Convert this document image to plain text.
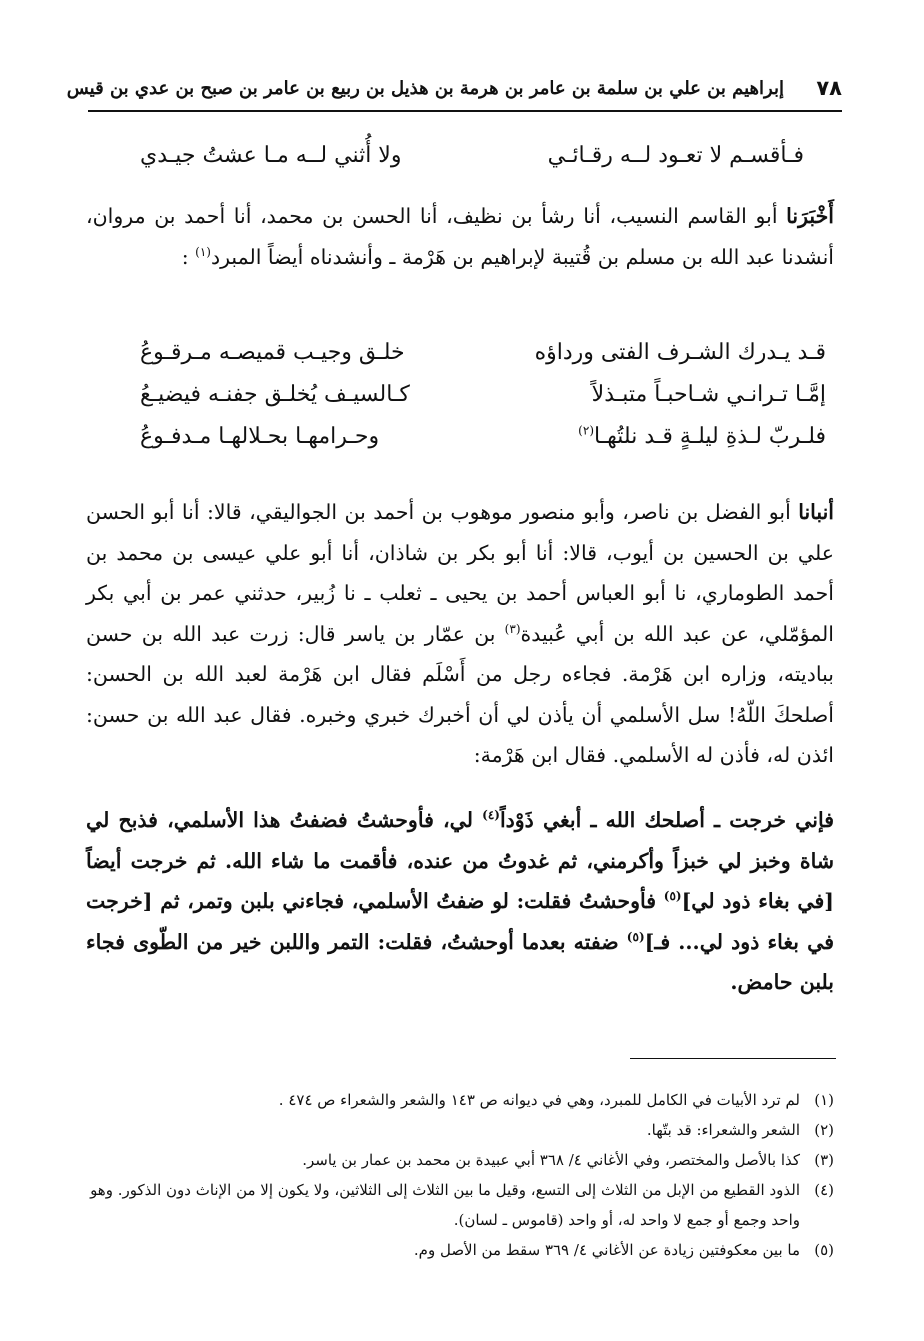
٧٨
إبراهيم بن علي بن سلمة بن عامر بن هرمة بن هذيل بن ربيع بن عامر بن صبح بن عدي بن قيس
فـأقسـم لا تعـود لــه رقـائـي
ولا أُثني لــه مـا عشتُ جيـدي
أَخْبَرَنا أبو القاسم النسيب، أنا رشأ بن نظيف، أنا الحسن بن محمد، أنا أحمد بن مروان، أنشدنا عبد الله بن مسلم بن قُتيبة لإبراهيم بن هَرْمة ـ وأنشدناه أيضاً المبرد$^{(١)}$ :
قـد يـدرك الشـرف الفتى ورداؤه
خلـق وجيـب قميصـه مـرقـوعُ
إمَّـا تـرانـي شـاحبـاً متبـذلاً
كـالسيـف يُخلـق جفنـه فيضيـعُ
فلـربّ لـذةِ ليلـةٍ قـد نلتُهـا$^{(٢)}$
وحـرامهـا بحـلالهـا مـدفـوعُ
أنبانا أبو الفضل بن ناصر، وأبو منصور موهوب بن أحمد بن الجواليقي، قالا: أنا أبو الحسن علي بن الحسين بن أيوب، قالا: أنا أبو بكر بن شاذان، أنا أبو علي عيسى بن محمد بن أحمد الطوماري، نا أبو العباس أحمد بن يحيى ـ ثعلب ـ نا زُبير، حدثني عمر بن أبي بكر المؤمّلي، عن عبد الله بن أبي عُبيدة$^{(٣)}$ بن عمّار بن ياسر قال: زرت عبد الله بن حسن ببادیته، وزاره ابن هَرْمة. فجاءه رجل من أَسْلَم فقال ابن هَرْمة لعبد الله بن الحسن: أصلحكَ اللّهُ! سل الأسلمي أن يأذن لي أن أخبرك خبري وخبره. فقال عبد الله بن حسن: ائذن له، فأذن له الأسلمي. فقال ابن هَرْمة:
فإني خرجت ـ أصلحك الله ـ أبغي ذَوْداً$^{(٤)}$ لي، فأوحشتُ فضفتُ هذا الأسلمي، فذبح لي شاة وخبز لي خبزاً وأكرمني، ثم غدوتُ من عنده، فأقمت ما شاء الله. ثم خرجت أيضاً [في بغاء ذود لي]$^{(٥)}$ فأوحشتُ فقلت: لو ضفتُ الأسلمي، فجاءني بلبن وتمر، ثم [خرجت في بغاء ذود لي... فـ]$^{(٥)}$ ضفته بعدما أوحشتُ، فقلت: التمر واللبن خير من الطّوى فجاء بلبن حامض.
(١)
لم ترد الأبيات في الكامل للمبرد، وهي في ديوانه ص ١٤٣ والشعر والشعراء ص ٤٧٤ .
(٢)
الشعر والشعراء: قد بتّها.
(٣)
كذا بالأصل والمختصر، وفي الأغاني ٤/ ٣٦٨ أبي عبيدة بن محمد بن عمار بن ياسر.
(٤)
الذود القطيع من الإبل من الثلاث إلى التسع، وقيل ما بين الثلاث إلى الثلاثين، ولا يكون إلا من الإناث دون الذكور. وهو واحد وجمع أو جمع لا واحد له، أو واحد (قاموس ـ لسان).
(٥)
ما بين معكوفتين زيادة عن الأغاني ٤/ ٣٦٩ سقط من الأصل وم.
